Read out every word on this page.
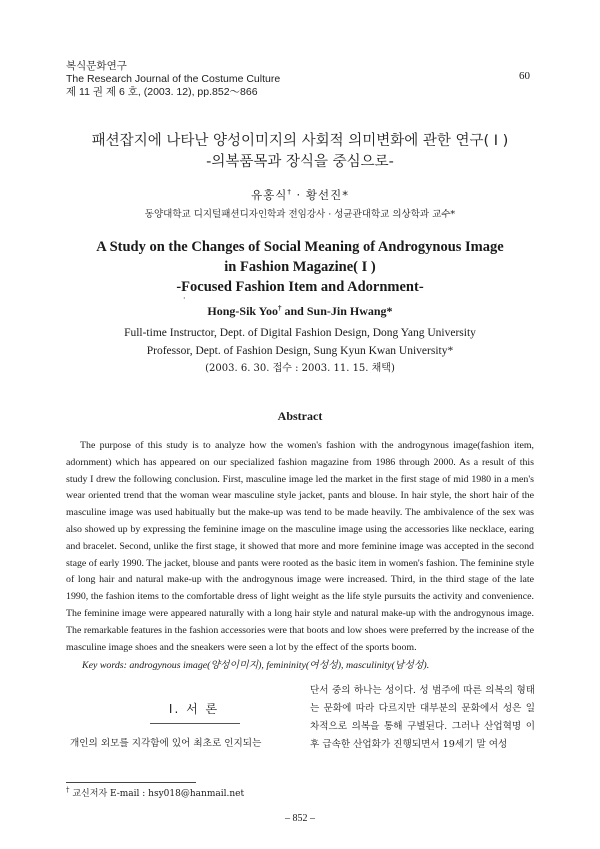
복식문화연구
The Research Journal of the Costume Culture
제 11 권 제 6 호, (2003. 12), pp.852～866
60
패션잡지에 나타난 양성이미지의 사회적 의미변화에 관한 연구( I )
-의복품목과 장식을 중심으로-
유홍식† · 황선진*
동양대학교 디지털패션디자인학과 전임강사 · 성균관대학교 의상학과 교수*
A Study on the Changes of Social Meaning of Androgynous Image
in Fashion Magazine( I )
-Focused Fashion Item and Adornment-
·
Hong-Sik Yoo† and Sun-Jin Hwang*
Full-time Instructor, Dept. of Digital Fashion Design, Dong Yang University
Professor, Dept. of Fashion Design, Sung Kyun Kwan University*
(2003. 6. 30. 접수 : 2003. 11. 15. 채택)
Abstract
The purpose of this study is to analyze how the women's fashion with the androgynous image(fashion item, adornment) which has appeared on our specialized fashion magazine from 1986 through 2000. As a result of this study I drew the following conclusion. First, masculine image led the market in the first stage of mid 1980 in a men's wear oriented trend that the woman wear masculine style jacket, pants and blouse. In hair style, the short hair of the masculine image was used habitually but the make-up was tend to be made heavily. The ambivalence of the sex was also showed up by expressing the feminine image on the masculine image using the accessories like necklace, earing and bracelet. Second, unlike the first stage, it showed that more and more feminine image was accepted in the second stage of early 1990. The jacket, blouse and pants were rooted as the basic item in women's fashion. The feminine style of long hair and natural make-up with the androgynous image were increased. Third, in the third stage of the late 1990, the fashion items to the comfortable dress of light weight as the life style pursuits the activity and convenience. The feminine image were appeared naturally with a long hair style and natural make-up with the androgynous image. The remarkable features in the fashion accessories were that boots and low shoes were preferred by the increase of the masculine image shoes and the sneakers were seen a lot by the effect of the sports boom.
Key words: androgynous image(양성이미지), femininity(여성성), masculinity(남성성).
I. 서 론
개인의 외모를 지각함에 있어 최초로 인지되는
단서 중의 하나는 성이다. 성 범주에 따른 의복의 형태는 문화에 따라 다르지만 대부분의 문화에서 성은 일차적으로 의복을 통해 구별된다. 그러나 산업혁명 이후 급속한 산업화가 진행되면서 19세기 말 여성
† 교신저자 E-mail : hsy018@hanmail.net
– 852 –
